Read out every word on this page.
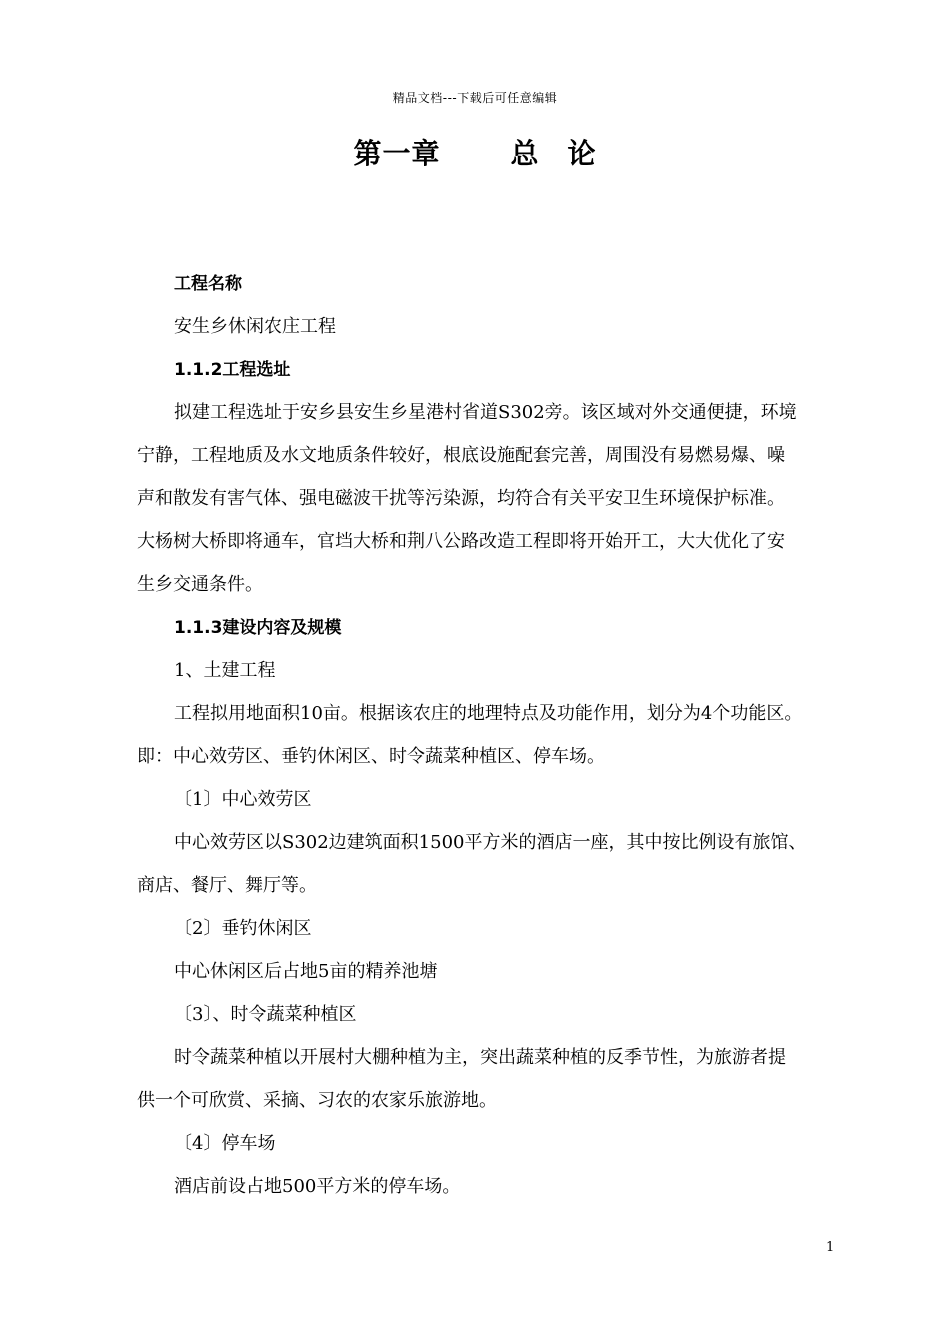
精品文档---下载后可任意编辑
第一章	总 论
工程名称
安生乡休闲农庄工程
1.1.2工程选址
拟建工程选址于安乡县安生乡星港村省道S302旁。该区域对外交通便捷，环境
宁静，工程地质及水文地质条件较好，根底设施配套完善，周围没有易燃易爆、噪
声和散发有害气体、强电磁波干扰等污染源，均符合有关平安卫生环境保护标准。
大杨树大桥即将通车，官垱大桥和荆八公路改造工程即将开始开工，大大优化了安
生乡交通条件。
1.1.3建设内容及规模
1、土建工程
工程拟用地面积10亩。根据该农庄的地理特点及功能作用，划分为4个功能区。
即：中心效劳区、垂钓休闲区、时令蔬菜种植区、停车场。
〔1〕中心效劳区
中心效劳区以S302边建筑面积1500平方米的酒店一座，其中按比例设有旅馆、
商店、餐厅、舞厅等。
〔2〕垂钓休闲区
中心休闲区后占地5亩的精养池塘
〔3〕、时令蔬菜种植区
时令蔬菜种植以开展村大棚种植为主，突出蔬菜种植的反季节性，为旅游者提
供一个可欣赏、采摘、习农的农家乐旅游地。
〔4〕停车场
酒店前设占地500平方米的停车场。
1
